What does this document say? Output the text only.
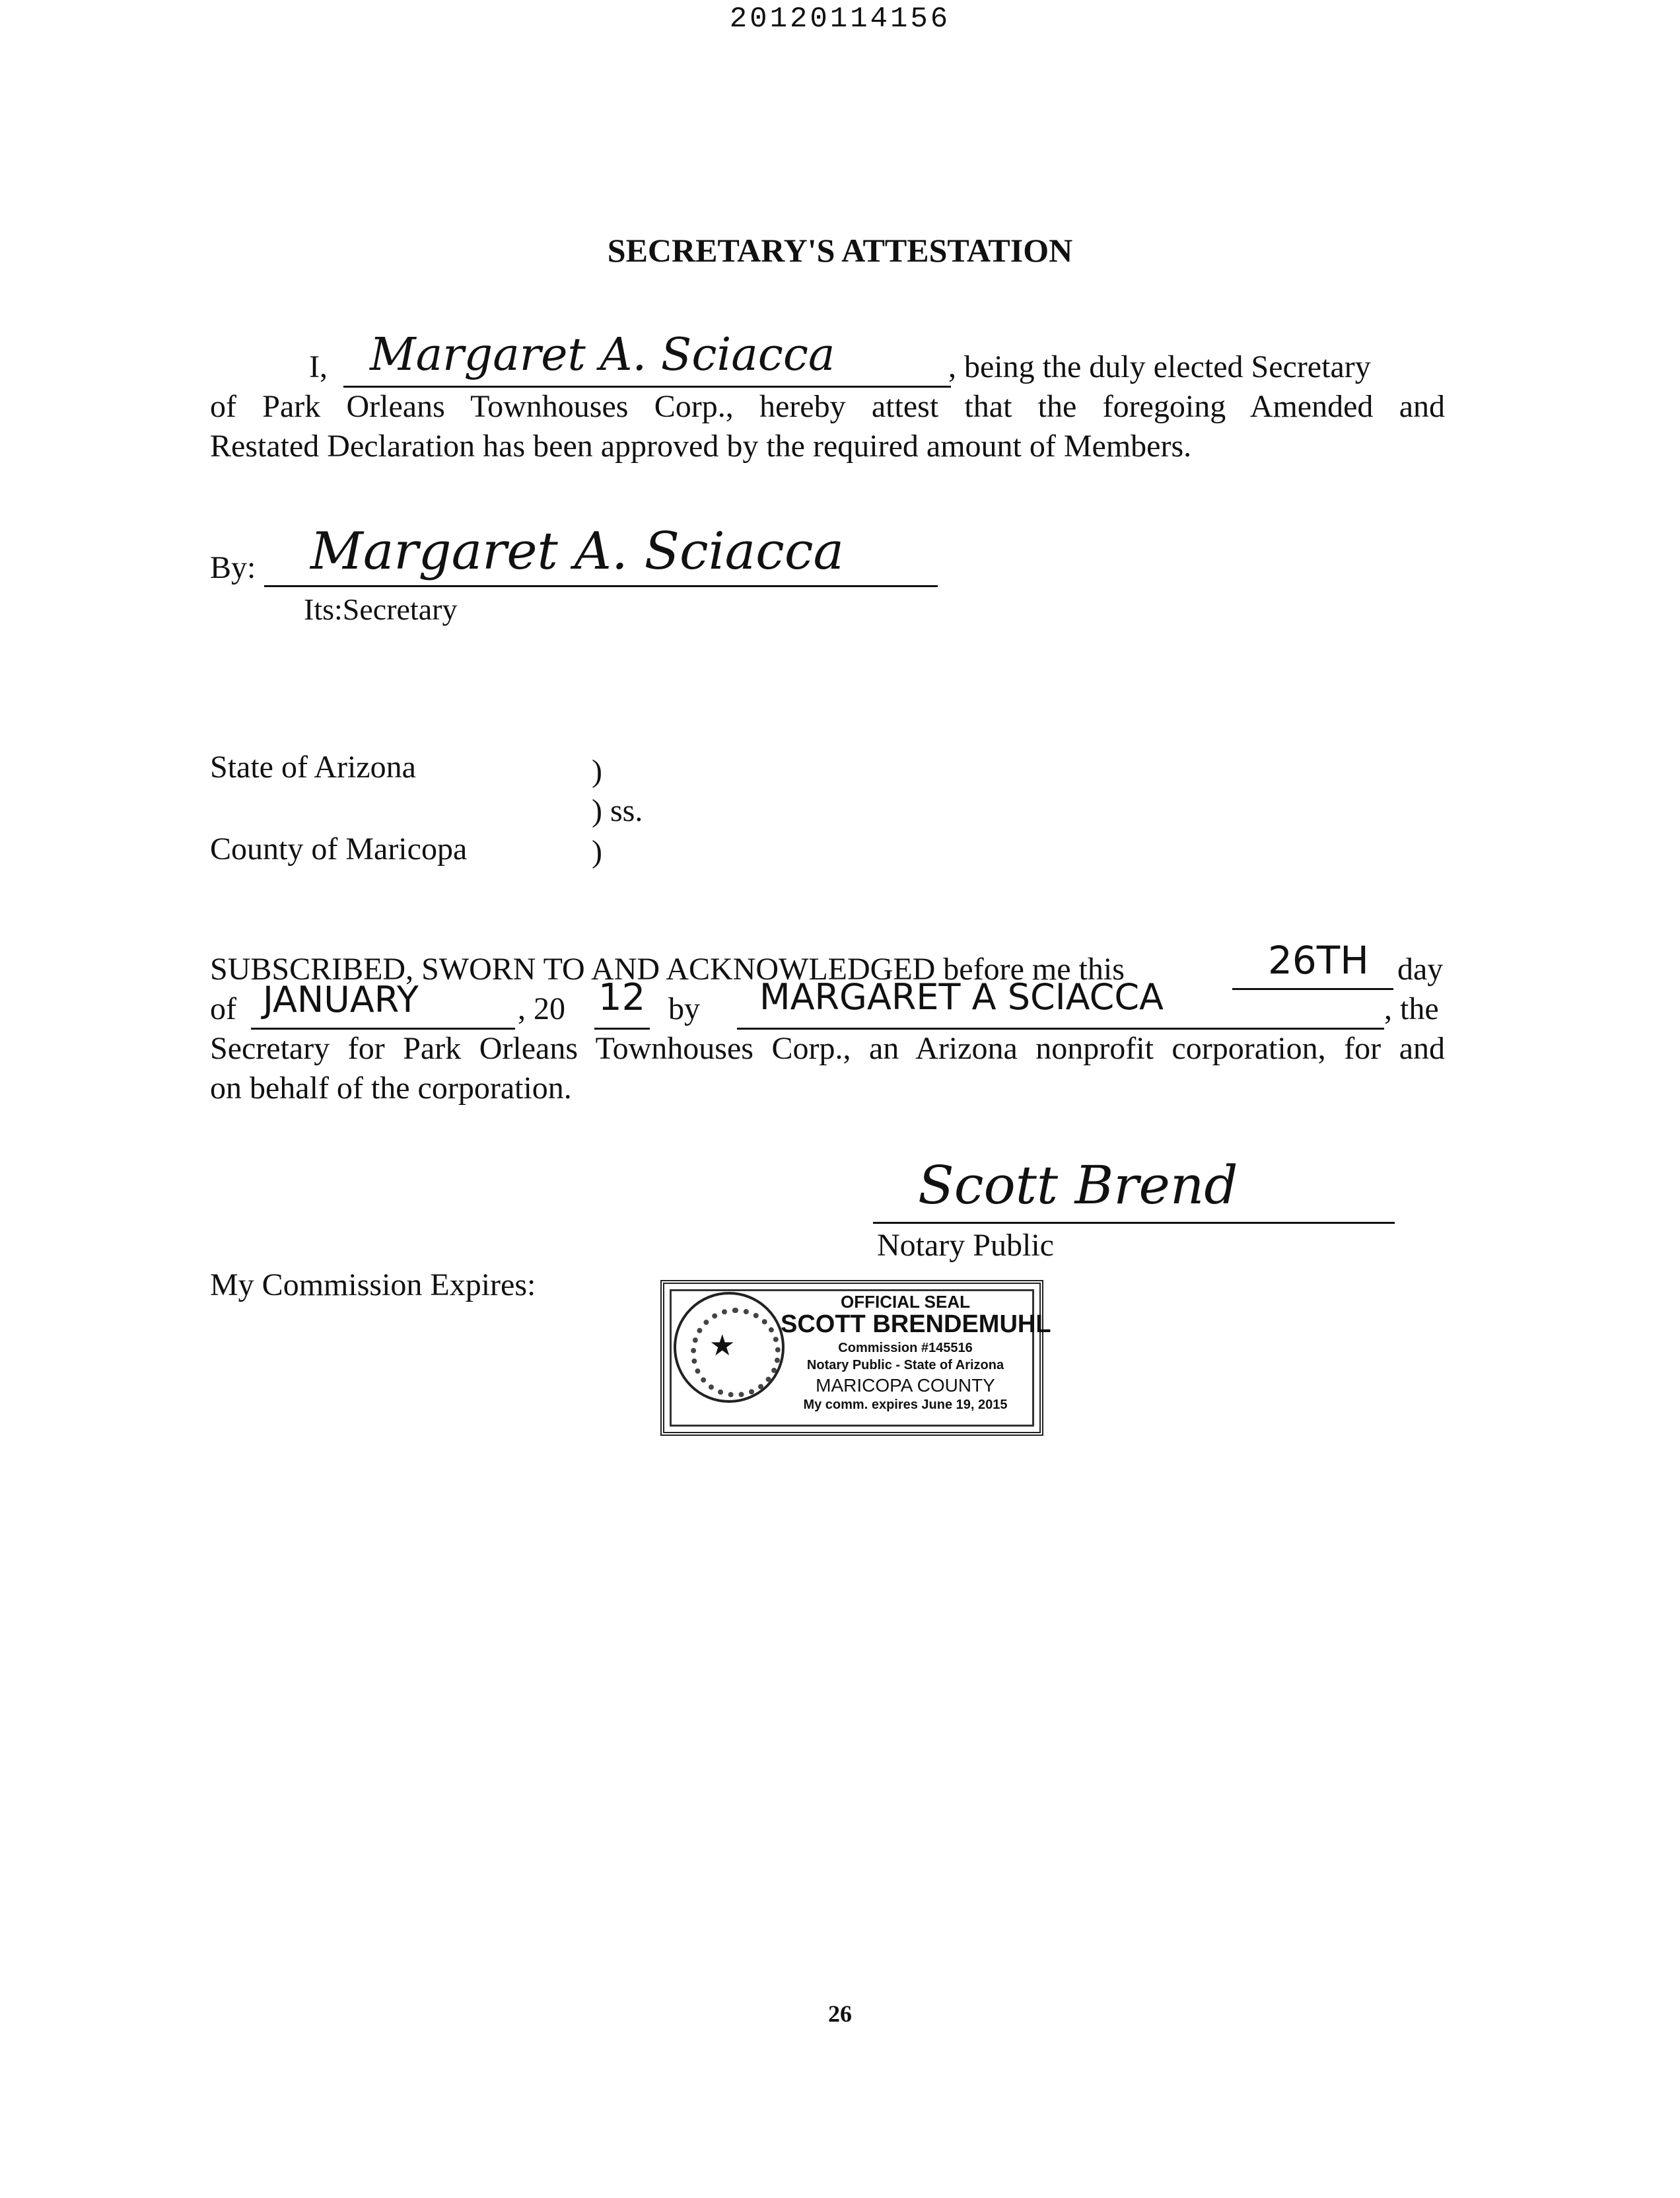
20120114156
SECRETARY'S ATTESTATION
I, Margaret A. Sciacca	, being the duly elected Secretary
of Park Orleans Townhouses Corp., hereby attest that the foregoing Amended and
Restated Declaration has been approved by the required amount of Members.
By: Margaret A. Sciacca
Its:Secretary
State of Arizona	)
) ss.
County of Maricopa	)
SUBSCRIBED, SWORN TO AND ACKNOWLEDGED before me this	26TH day
of JANUARY	, 20 12 by MARGARET A SCIACCA	, the
Secretary for Park Orleans Townhouses Corp., an Arizona nonprofit corporation, for and
on behalf of the corporation.
Scott Brend
Notary Public
My Commission Expires:
★
OFFICIAL SEAL
SCOTT BRENDEMUHL
Commission #145516
Notary Public - State of Arizona
MARICOPA COUNTY
My comm. expires June 19, 2015
26
